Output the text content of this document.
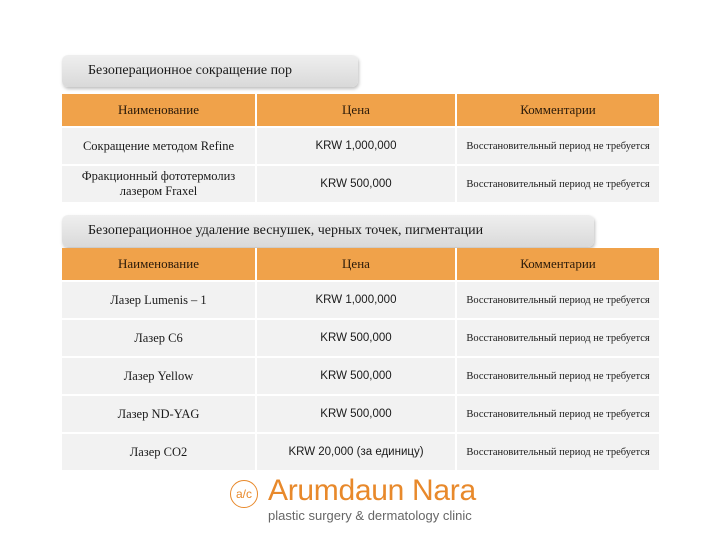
Безоперационное сокращение пор
Наименование	Цена	Комментарии
Сокращение методом Refine	KRW 1,000,000	Восстановительный период не требуется
Фракционный фототермолиз лазером Fraxel	KRW 500,000	Восстановительный период не требуется
Безоперационное удаление веснушек, черных точек, пигментации
Наименование	Цена	Комментарии
Лазер Lumenis – 1	KRW 1,000,000	Восстановительный период не требуется
Лазер C6	KRW 500,000	Восстановительный период не требуется
Лазер Yellow	KRW 500,000	Восстановительный период не требуется
Лазер ND-YAG	KRW 500,000	Восстановительный период не требуется
Лазер CO2	KRW 20,000 (за единицу)	Восстановительный период не требуется
a/c Arumdaun Nara
plastic surgery & dermatology clinic
